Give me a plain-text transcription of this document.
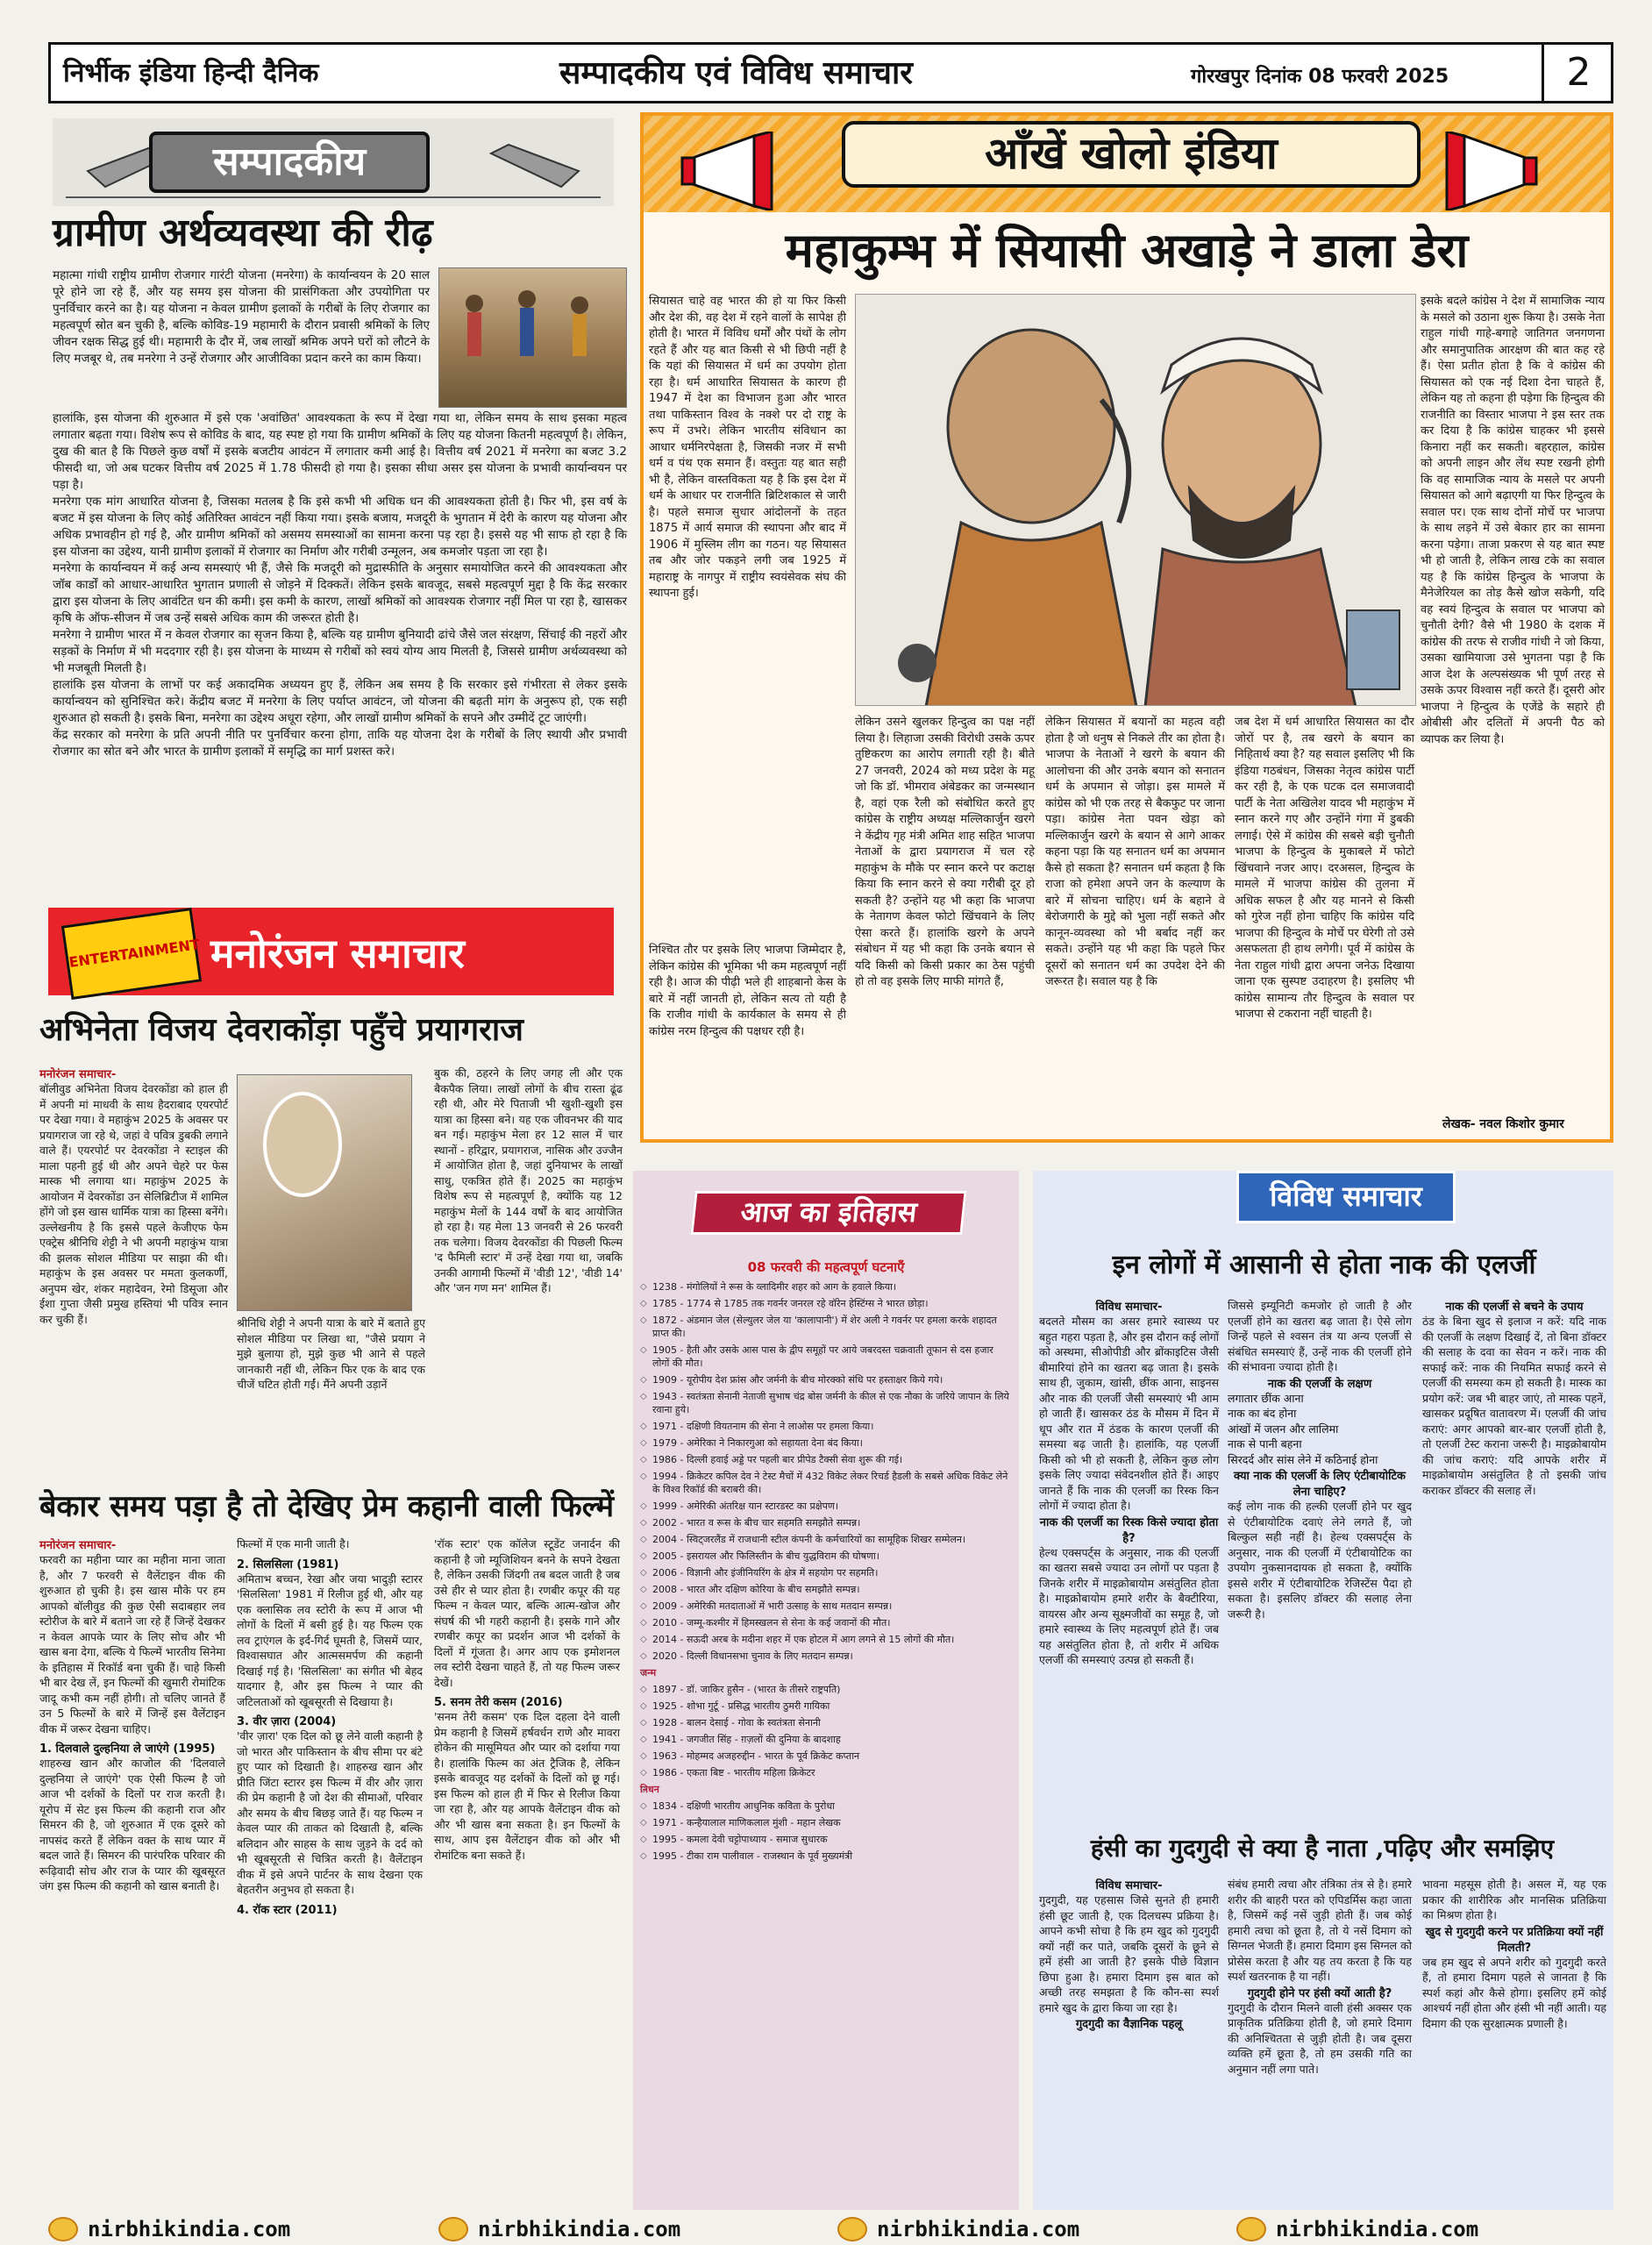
निर्भीक इंडिया हिन्दी दैनिक	सम्पादकीय एवं विविध समाचार	गोरखपुर दिनांक 08 फरवरी 2025	2
सम्पादकीय
ग्रामीण अर्थव्यवस्था की रीढ़

महात्मा गांधी राष्ट्रीय ग्रामीण रोजगार गारंटी योजना (मनरेगा) के कार्यान्वयन के 20 साल पूरे होने जा रहे हैं, और यह समय इस योजना की प्रासंगिकता और उपयोगिता पर पुनर्विचार करने का है। यह योजना न केवल ग्रामीण इलाकों के गरीबों के लिए रोजगार का महत्वपूर्ण स्रोत बन चुकी है, बल्कि कोविड-19 महामारी के दौरान प्रवासी श्रमिकों के लिए जीवन रक्षक सिद्ध हुई थी। महामारी के दौर में, जब लाखों श्रमिक अपने घरों को लौटने के लिए मजबूर थे, तब मनरेगा ने उन्हें रोजगार और आजीविका प्रदान करने का काम किया।

हालांकि, इस योजना की शुरुआत में इसे एक 'अवांछित' आवश्यकता के रूप में देखा गया था, लेकिन समय के साथ इसका महत्व लगातार बढ़ता गया। विशेष रूप से कोविड के बाद, यह स्पष्ट हो गया कि ग्रामीण श्रमिकों के लिए यह योजना कितनी महत्वपूर्ण है। लेकिन, दुख की बात है कि पिछले कुछ वर्षों में इसके बजटीय आवंटन में लगातार कमी आई है। वित्तीय वर्ष 2021 में मनरेगा का बजट 3.2 फीसदी था, जो अब घटकर वित्तीय वर्ष 2025 में 1.78 फीसदी हो गया है। इसका सीधा असर इस योजना के प्रभावी कार्यान्वयन पर पड़ा है।

मनरेगा एक मांग आधारित योजना है, जिसका मतलब है कि इसे कभी भी अधिक धन की आवश्यकता होती है। फिर भी, इस वर्ष के बजट में इस योजना के लिए कोई अतिरिक्त आवंटन नहीं किया गया। इसके बजाय, मजदूरी के भुगतान में देरी के कारण यह योजना और अधिक प्रभावहीन हो गई है, और ग्रामीण श्रमिकों को असमय समस्याओं का सामना करना पड़ रहा है। इससे यह भी साफ हो रहा है कि इस योजना का उद्देश्य, यानी ग्रामीण इलाकों में रोजगार का निर्माण और गरीबी उन्मूलन, अब कमजोर पड़ता जा रहा है।

मनरेगा के कार्यान्वयन में कई अन्य समस्याएं भी हैं, जैसे कि मजदूरी को मुद्रास्फीति के अनुसार समायोजित करने की आवश्यकता और जॉब कार्डों को आधार-आधारित भुगतान प्रणाली से जोड़ने में दिक्कतें। लेकिन इसके बावजूद, सबसे महत्वपूर्ण मुद्दा है कि केंद्र सरकार द्वारा इस योजना के लिए आवंटित धन की कमी। इस कमी के कारण, लाखों श्रमिकों को आवश्यक रोजगार नहीं मिल पा रहा है, खासकर कृषि के ऑफ-सीजन में जब उन्हें सबसे अधिक काम की जरूरत होती है।

मनरेगा ने ग्रामीण भारत में न केवल रोजगार का सृजन किया है, बल्कि यह ग्रामीण बुनियादी ढांचे जैसे जल संरक्षण, सिंचाई की नहरों और सड़कों के निर्माण में भी मददगार रही है। इस योजना के माध्यम से गरीबों को स्वयं योग्य आय मिलती है, जिससे ग्रामीण अर्थव्यवस्था को भी मजबूती मिलती है।

हालांकि इस योजना के लाभों पर कई अकादमिक अध्ययन हुए हैं, लेकिन अब समय है कि सरकार इसे गंभीरता से लेकर इसके कार्यान्वयन को सुनिश्चित करे। केंद्रीय बजट में मनरेगा के लिए पर्याप्त आवंटन, जो योजना की बढ़ती मांग के अनुरूप हो, एक सही शुरुआत हो सकती है। इसके बिना, मनरेगा का उद्देश्य अधूरा रहेगा, और लाखों ग्रामीण श्रमिकों के सपने और उम्मीदें टूट जाएंगी।

केंद्र सरकार को मनरेगा के प्रति अपनी नीति पर पुनर्विचार करना होगा, ताकि यह योजना देश के गरीबों के लिए स्थायी और प्रभावी रोजगार का स्रोत बने और भारत के ग्रामीण इलाकों में समृद्धि का मार्ग प्रशस्त करे।

ENTERTAINMENT मनोरंजन समाचार
अभिनेता विजय देवराकोंड़ा पहुँचे प्रयागराज
मनोरंजन समाचार-

बॉलीवुड अभिनेता विजय देवरकोंडा को हाल ही में अपनी मां माधवी के साथ हैदराबाद एयरपोर्ट पर देखा गया। वे महाकुंभ 2025 के अवसर पर प्रयागराज जा रहे थे, जहां वे पवित्र डुबकी लगाने वाले हैं। एयरपोर्ट पर देवरकोंडा ने स्टाइल की माला पहनी हुई थी और अपने चेहरे पर फेस मास्क भी लगाया था। महाकुंभ 2025 के आयोजन में देवरकोंडा उन सेलिब्रिटीज में शामिल होंगे जो इस खास धार्मिक यात्रा का हिस्सा बनेंगे। उल्लेखनीय है कि इससे पहले केजीएफ फेम एक्ट्रेस श्रीनिधि शेट्टी ने भी अपनी महाकुंभ यात्रा की झलक सोशल मीडिया पर साझा की थी। महाकुंभ के इस अवसर पर ममता कुलकर्णी, अनुपम खेर, शंकर महादेवन, रेमो डिसूजा और ईशा गुप्ता जैसी प्रमुख हस्तियां भी पवित्र स्नान कर चुकी हैं।	श्रीनिधि शेट्टी ने अपनी यात्रा के बारे में बताते हुए सोशल मीडिया पर लिखा था, "जैसे प्रयाग ने मुझे बुलाया हो, मुझे कुछ भी आने से पहले जानकारी नहीं थी, लेकिन फिर एक के बाद एक चीजें घटित होती गईं। मैंने अपनी उड़ानें

बुक की, ठहरने के लिए जगह ली और एक बैकपैक लिया। लाखों लोगों के बीच रास्ता ढूंढ रही थी, और मेरे पिताजी भी खुशी-खुशी इस यात्रा का हिस्सा बने। यह एक जीवनभर की याद बन गई। महाकुंभ मेला हर 12 साल में चार स्थानों - हरिद्वार, प्रयागराज, नासिक और उज्जैन में आयोजित होता है, जहां दुनियाभर के लाखों साधु, एकत्रित होते हैं। 2025 का महाकुंभ विशेष रूप से महत्वपूर्ण है, क्योंकि यह 12 महाकुंभ मेलों के 144 वर्षों के बाद आयोजित हो रहा है। यह मेला 13 जनवरी से 26 फरवरी तक चलेगा। विजय देवरकोंडा की पिछली फिल्म 'द फैमिली स्टार' में उन्हें देखा गया था, जबकि उनकी आगामी फिल्मों में 'वीडी 12', 'वीडी 14' और 'जन गण मन' शामिल हैं।

बेकार समय पड़ा है तो देखिए प्रेम कहानी वाली फिल्में
मनोरंजन समाचार-

फरवरी का महीना प्यार का महीना माना जाता है, और 7 फरवरी से वैलेंटाइन वीक की शुरुआत हो चुकी है। इस खास मौके पर हम आपको बॉलीवुड की कुछ ऐसी सदाबहार लव स्टोरीज के बारे में बताने जा रहे हैं जिन्हें देखकर न केवल आपके प्यार के लिए सोच और भी खास बना देगा, बल्कि ये फिल्में भारतीय सिनेमा के इतिहास में रिकॉर्ड बना चुकी हैं। चाहे किसी भी बार देख लें, इन फिल्मों की खुमारी रोमांटिक जादू कभी कम नहीं होगी। तो चलिए जानते हैं उन 5 फिल्मों के बारे में जिन्हें इस वैलेंटाइन वीक में जरूर देखना चाहिए।

1. दिलवाले दुल्हनिया ले जाएंगे (1995)

शाहरुख खान और काजोल की 'दिलवाले दुल्हनिया ले जाएंगे' एक ऐसी फिल्म है जो आज भी दर्शकों के दिलों पर राज करती है। यूरोप में सेट इस फिल्म की कहानी राज और सिमरन की है, जो शुरुआत में एक दूसरे को नापसंद करते हैं लेकिन वक्त के साथ प्यार में बदल जाते हैं। सिमरन की पारंपरिक परिवार की रूढ़िवादी सोच और राज के प्यार की खूबसूरत जंग इस फिल्म की कहानी को खास बनाती है।

फिल्मों में एक मानी जाती है।

2. सिलसिला (1981)

अमिताभ बच्चन, रेखा और जया भादुड़ी स्टारर 'सिलसिला' 1981 में रिलीज हुई थी, और यह एक क्लासिक लव स्टोरी के रूप में आज भी लोगों के दिलों में बसी हुई है। यह फिल्म एक लव ट्राएंगल के इर्द-गिर्द घूमती है, जिसमें प्यार, विश्वासघात और आत्मसमर्पण की कहानी दिखाई गई है। 'सिलसिला' का संगीत भी बेहद यादगार है, और इस फिल्म ने प्यार की जटिलताओं को खूबसूरती से दिखाया है।

3. वीर ज़ारा (2004)

'वीर ज़ारा' एक दिल को छू लेने वाली कहानी है जो भारत और पाकिस्तान के बीच सीमा पर बंटे हुए प्यार को दिखाती है। शाहरुख खान और प्रीति जिंटा स्टारर इस फिल्म में वीर और ज़ारा की प्रेम कहानी है जो देश की सीमाओं, परिवार और समय के बीच बिछड़ जाते हैं। यह फिल्म न केवल प्यार की ताकत को दिखाती है, बल्कि बलिदान और साहस के साथ जुड़ने के दर्द को भी खूबसूरती से चित्रित करती है। वैलेंटाइन वीक में इसे अपने पार्टनर के साथ देखना एक बेहतरीन अनुभव हो सकता है।

4. रॉक स्टार (2011)

'रॉक स्टार' एक कॉलेज स्टूडेंट जनार्दन की कहानी है जो म्यूजिशियन बनने के सपने देखता है, लेकिन उसकी जिंदगी तब बदल जाती है जब उसे हीर से प्यार होता है। रणबीर कपूर की यह फिल्म न केवल प्यार, बल्कि आत्म-खोज और संघर्ष की भी गहरी कहानी है। इसके गाने और रणबीर कपूर का प्रदर्शन आज भी दर्शकों के दिलों में गूंजता है। अगर आप एक इमोशनल लव स्टोरी देखना चाहते हैं, तो यह फिल्म जरूर देखें।

5. सनम तेरी कसम (2016)

'सनम तेरी कसम' एक दिल दहला देने वाली प्रेम कहानी है जिसमें हर्षवर्धन राणे और मावरा होकेन की मासूमियत और प्यार को दर्शाया गया है। हालांकि फिल्म का अंत ट्रैजिक है, लेकिन इसके बावजूद यह दर्शकों के दिलों को छू गई। इस फिल्म को हाल ही में फिर से रिलीज किया जा रहा है, और यह आपके वैलेंटाइन वीक को और भी खास बना सकता है। इन फिल्मों के साथ, आप इस वैलेंटाइन वीक को और भी रोमांटिक बना सकते हैं।

आँखें खोलो इंडिया
महाकुम्भ में सियासी अखाड़े ने डाला डेरा

सियासत चाहे वह भारत की हो या फिर किसी और देश की, वह देश में रहने वालों के सापेक्ष ही होती है। भारत में विविध धर्मों और पंथों के लोग रहते हैं और यह बात किसी से भी छिपी नहीं है कि यहां की सियासत में धर्म का उपयोग होता रहा है। धर्म आधारित सियासत के कारण ही 1947 में देश का विभाजन हुआ और भारत तथा पाकिस्तान विश्व के नक्शे पर दो राष्ट्र के रूप में उभरे। लेकिन भारतीय संविधान का आधार धर्मनिरपेक्षता है, जिसकी नजर में सभी धर्म व पंथ एक समान हैं। वस्तुतः यह बात सही भी है, लेकिन वास्तविकता यह है कि इस देश में धर्म के आधार पर राजनीति ब्रिटिशकाल से जारी है। पहले समाज सुधार आंदोलनों के तहत 1875 में आर्य समाज की स्थापना और बाद में 1906 में मुस्लिम लीग का गठन। यह सियासत तब और जोर पकड़ने लगी जब 1925 में महाराष्ट्र के नागपुर में राष्ट्रीय स्वयंसेवक संघ की स्थापना हुई।

इसके बदले कांग्रेस ने देश में सामाजिक न्याय के मसले को उठाना शुरू किया है। उसके नेता राहुल गांधी गाहे-बगाहे जातिगत जनगणना और समानुपातिक आरक्षण की बात कह रहे हैं। ऐसा प्रतीत होता है कि वे कांग्रेस की सियासत को एक नई दिशा देना चाहते हैं, लेकिन यह तो कहना ही पड़ेगा कि हिन्दुत्व की राजनीति का विस्तार भाजपा ने इस स्तर तक कर दिया है कि कांग्रेस चाहकर भी इससे किनारा नहीं कर सकती। बहरहाल, कांग्रेस को अपनी लाइन और लेंथ स्पष्ट रखनी होगी कि वह सामाजिक न्याय के मसले पर अपनी सियासत को आगे बढ़ाएगी या फिर हिन्दुत्व के सवाल पर। एक साथ दोनों मोर्चे पर भाजपा के साथ लड़ने में उसे बेकार हार का सामना करना पड़ेगा। ताजा प्रकरण से यह बात स्पष्ट भी हो जाती है, लेकिन लाख टके का सवाल यह है कि कांग्रेस हिन्दुत्व के भाजपा के मैनेजेरियल का तोड़ कैसे खोज सकेगी, यदि वह स्वयं हिन्दुत्व के सवाल पर भाजपा को चुनौती देगी? वैसे भी 1980 के दशक में कांग्रेस की तरफ से राजीव गांधी ने जो किया, उसका खामियाजा उसे भुगतना पड़ा है कि आज देश के अल्पसंख्यक भी पूर्ण तरह से उसके ऊपर विश्वास नहीं करते हैं। दूसरी ओर भाजपा ने हिन्दुत्व के एजेंडे के सहारे ही ओबीसी और दलितों में अपनी पैठ को व्यापक कर लिया है।

निश्चित तौर पर इसके लिए भाजपा जिम्मेदार है, लेकिन कांग्रेस की भूमिका भी कम महत्वपूर्ण नहीं रही है। आज की पीढ़ी भले ही शाहबानो केस के बारे में नहीं जानती हो, लेकिन सत्य तो यही है कि राजीव गांधी के कार्यकाल के समय से ही कांग्रेस नरम हिन्दुत्व की पक्षधर रही है।

लेकिन उसने खुलकर हिन्दुत्व का पक्ष नहीं लिया है। लिहाजा उसकी विरोधी उसके ऊपर तुष्टिकरण का आरोप लगाती रही है। बीते 27 जनवरी, 2024 को मध्य प्रदेश के महू जो कि डॉ. भीमराव अंबेडकर का जन्मस्थान है, वहां एक रैली को संबोधित करते हुए कांग्रेस के राष्ट्रीय अध्यक्ष मल्लिकार्जुन खरगे ने केंद्रीय गृह मंत्री अमित शाह सहित भाजपा नेताओं के द्वारा प्रयागराज में चल रहे महाकुंभ के मौके पर स्नान करने पर कटाक्ष किया कि स्नान करने से क्या गरीबी दूर हो सकती है? उन्होंने यह भी कहा कि भाजपा के नेतागण केवल फोटो खिंचवाने के लिए ऐसा करते हैं। हालांकि खरगे के अपने संबोधन में यह भी कहा कि उनके बयान से यदि किसी को किसी प्रकार का ठेस पहुंची हो तो वह इसके लिए माफी मांगते हैं,

लेकिन सियासत में बयानों का महत्व वही होता है जो धनुष से निकले तीर का होता है। भाजपा के नेताओं ने खरगे के बयान की आलोचना की और उनके बयान को सनातन धर्म के अपमान से जोड़ा। इस मामले में कांग्रेस को भी एक तरह से बैकफुट पर जाना पड़ा। कांग्रेस नेता पवन खेड़ा को मल्लिकार्जुन खरगे के बयान से आगे आकर कहना पड़ा कि यह सनातन धर्म का अपमान कैसे हो सकता है? सनातन धर्म कहता है कि राजा को हमेशा अपने जन के कल्याण के बारे में सोचना चाहिए। धर्म के बहाने वे बेरोजगारी के मुद्दे को भुला नहीं सकते और कानून-व्यवस्था को भी बर्बाद नहीं कर सकते। उन्होंने यह भी कहा कि पहले फिर दूसरों को सनातन धर्म का उपदेश देने की जरूरत है। सवाल यह है कि

जब देश में धर्म आधारित सियासत का दौर जोरों पर है, तब खरगे के बयान का निहितार्थ क्या है? यह सवाल इसलिए भी कि इंडिया गठबंधन, जिसका नेतृत्व कांग्रेस पार्टी कर रही है, के एक घटक दल समाजवादी पार्टी के नेता अखिलेश यादव भी महाकुंभ में स्नान करने गए और उन्होंने गंगा में डुबकी लगाई। ऐसे में कांग्रेस की सबसे बड़ी चुनौती भाजपा के हिन्दुत्व के मुकाबले में फोटो खिंचवाने नजर आए। दरअसल, हिन्दुत्व के मामले में भाजपा कांग्रेस की तुलना में अधिक सफल है और यह मानने से किसी को गुरेज नहीं होना चाहिए कि कांग्रेस यदि भाजपा की हिन्दुत्व के मोर्चे पर घेरेगी तो उसे असफलता ही हाथ लगेगी। पूर्व में कांग्रेस के नेता राहुल गांधी द्वारा अपना जनेऊ दिखाया जाना एक सुस्पष्ट उदाहरण है। इसलिए भी कांग्रेस सामान्य तौर हिन्दुत्व के सवाल पर भाजपा से टकराना नहीं चाहती है।

लेखक- नवल किशोर कुमार
आज का इतिहास
08 फरवरी की महत्वपूर्ण घटनाएँ
◇ 1238 - मंगोलियों ने रूस के व्लादिमीर शहर को आग के हवाले किया।
◇ 1785 - 1774 से 1785 तक गवर्नर जनरल रहे वॉरेन हेस्टिंग्स ने भारत छोड़ा।
◇ 1872 - अंडमान जेल (सेल्युलर जेल या 'कालापानी') में शेर अली ने गवर्नर पर हमला करके शहादत प्राप्त की।
◇ 1905 - हैती और उसके आस पास के द्वीप समूहों पर आये जबरदस्त चक्रवाती तूफान से दस हजार लोगों की मौत।
◇ 1909 - यूरोपीय देश फ्रांस और जर्मनी के बीच मोरक्को संधि पर हस्ताक्षर किये गये।
◇ 1943 - स्वतंत्रता सेनानी नेताजी सुभाष चंद्र बोस जर्मनी के कील से एक नौका के जरिये जापान के लिये रवाना हुये।
◇ 1971 - दक्षिणी वियतनाम की सेना ने लाओस पर हमला किया।
◇ 1979 - अमेरिका ने निकारगुआ को सहायता देना बंद किया।
◇ 1986 - दिल्ली हवाई अड्डे पर पहली बार प्रीपेड टैक्सी सेवा शुरू की गई।
◇ 1994 - क्रिकेटर कपिल देव ने टेस्ट मैचों में 432 विकेट लेकर रिचर्ड हैडली के सबसे अधिक विकेट लेने के विश्व रिकॉर्ड की बराबरी की।
◇ 1999 - अमेरिकी अंतरिक्ष यान स्टारडस्ट का प्रक्षेपण।
◇ 2002 - भारत व रूस के बीच चार सहमति समझौते सम्पन्न।
◇ 2004 - स्विट्जरलैंड में राजधानी स्टील कंपनी के कर्मचारियों का सामूहिक शिखर सम्मेलन।
◇ 2005 - इसरायल और फिलिस्तीन के बीच युद्धविराम की घोषणा।
◇ 2006 - विज्ञानी और इंजीनियरिंग के क्षेत्र में सहयोग पर सहमति।
◇ 2008 - भारत और दक्षिण कोरिया के बीच समझौते सम्पन्न।
◇ 2009 - अमेरिकी मतदाताओं में भारी उत्साह के साथ मतदान सम्पन्न।
◇ 2010 - जम्मू-कश्मीर में हिमस्खलन से सेना के कई जवानों की मौत।
◇ 2014 - सऊदी अरब के मदीना शहर में एक होटल में आग लगने से 15 लोगों की मौत।
◇ 2020 - दिल्ली विधानसभा चुनाव के लिए मतदान सम्पन्न।
◇ जन्म
◇ 1897 - डॉ. जाकिर हुसैन - (भारत के तीसरे राष्ट्रपति)
◇ 1925 - शोभा गुर्टू - प्रसिद्ध भारतीय ठुमरी गायिका
◇ 1928 - बालन देसाई - गोवा के स्वतंत्रता सेनानी
◇ 1941 - जगजीत सिंह - ग़ज़लों की दुनिया के बादशाह
◇ 1963 - मोहम्मद अजहरुद्दीन - भारत के पूर्व क्रिकेट कप्तान
◇ 1986 - एकता बिष्ट - भारतीय महिला क्रिकेटर
◇ निधन
◇ 1834 - दक्षिणी भारतीय आधुनिक कविता के पुरोधा
◇ 1971 - कन्हैयालाल माणिकलाल मुंशी - महान लेखक
◇ 1995 - कमला देवी चट्टोपाध्याय - समाज सुधारक
◇ 1995 - टीका राम पालीवाल - राजस्थान के पूर्व मुख्यमंत्री
विविध समाचार
इन लोगों में आसानी से होता नाक की एलर्जी
विविध समाचार-

बदलते मौसम का असर हमारे स्वास्थ्य पर बहुत गहरा पड़ता है, और इस दौरान कई लोगों को अस्थमा, सीओपीडी और ब्रोंकाइटिस जैसी बीमारियां होने का खतरा बढ़ जाता है। इसके साथ ही, जुकाम, खांसी, छींक आना, साइनस और नाक की एलर्जी जैसी समस्याएं भी आम हो जाती हैं। खासकर ठंड के मौसम में दिन में धूप और रात में ठंडक के कारण एलर्जी की समस्या बढ़ जाती है। हालांकि, यह एलर्जी किसी को भी हो सकती है, लेकिन कुछ लोग इसके लिए ज्यादा संवेदनशील होते हैं। आइए जानते हैं कि नाक की एलर्जी का रिस्क किन लोगों में ज्यादा होता है।

नाक की एलर्जी का रिस्क किसे ज्यादा होता है?

हेल्थ एक्सपर्ट्स के अनुसार, नाक की एलर्जी का खतरा सबसे ज्यादा उन लोगों पर पड़ता है जिनके शरीर में माइक्रोबायोम असंतुलित होता है। माइक्रोबायोम हमारे शरीर के बैक्टीरिया, वायरस और अन्य सूक्ष्मजीवों का समूह है, जो हमारे स्वास्थ्य के लिए महत्वपूर्ण होते हैं। जब यह असंतुलित होता है, तो शरीर में अधिक एलर्जी की समस्याएं उत्पन्न हो सकती हैं।

जिससे इम्यूनिटी कमजोर हो जाती है और एलर्जी होने का खतरा बढ़ जाता है। ऐसे लोग जिन्हें पहले से श्वसन तंत्र या अन्य एलर्जी से संबंधित समस्याएं हैं, उन्हें नाक की एलर्जी होने की संभावना ज्यादा होती है।

नाक की एलर्जी के लक्षण
लगातार छींक आना
नाक का बंद होना
आंखों में जलन और लालिमा
नाक से पानी बहना
सिरदर्द और सांस लेने में कठिनाई होना
क्या नाक की एलर्जी के लिए एंटीबायोटिक लेना चाहिए?

कई लोग नाक की हल्की एलर्जी होने पर खुद से एंटीबायोटिक दवाएं लेने लगते हैं, जो बिल्कुल सही नहीं है। हेल्थ एक्सपर्ट्स के अनुसार, नाक की एलर्जी में एंटीबायोटिक का उपयोग नुकसानदायक हो सकता है, क्योंकि इससे शरीर में एंटीबायोटिक रेजिस्टेंस पैदा हो सकता है। इसलिए डॉक्टर की सलाह लेना जरूरी है।

नाक की एलर्जी से बचने के उपाय

ठंड के बिना खुद से इलाज न करें: यदि नाक की एलर्जी के लक्षण दिखाई दें, तो बिना डॉक्टर की सलाह के दवा का सेवन न करें। नाक की सफाई करें: नाक की नियमित सफाई करने से एलर्जी की समस्या कम हो सकती है। मास्क का प्रयोग करें: जब भी बाहर जाएं, तो मास्क पहनें, खासकर प्रदूषित वातावरण में। एलर्जी की जांच कराएं: अगर आपको बार-बार एलर्जी होती है, तो एलर्जी टेस्ट कराना जरूरी है। माइक्रोबायोम की जांच कराएं: यदि आपके शरीर में माइक्रोबायोम असंतुलित है तो इसकी जांच कराकर डॉक्टर की सलाह लें।

हंसी का गुदगुदी से क्या है नाता ,पढ़िए और समझिए
विविध समाचार-

गुदगुदी, यह एहसास जिसे सुनते ही हमारी हंसी छूट जाती है, एक दिलचस्प प्रक्रिया है। आपने कभी सोचा है कि हम खुद को गुदगुदी क्यों नहीं कर पाते, जबकि दूसरों के छूने से हमें हंसी आ जाती है? इसके पीछे विज्ञान छिपा हुआ है। हमारा दिमाग इस बात को अच्छी तरह समझता है कि कौन-सा स्पर्श हमारे खुद के द्वारा किया जा रहा है।

गुदगुदी का वैज्ञानिक पहलू

संबंध हमारी त्वचा और तंत्रिका तंत्र से है। हमारे शरीर की बाहरी परत को एपिडर्मिस कहा जाता है, जिसमें कई नसें जुड़ी होती हैं। जब कोई हमारी त्वचा को छूता है, तो ये नसें दिमाग को सिग्नल भेजती हैं। हमारा दिमाग इस सिग्नल को प्रोसेस करता है और यह तय करता है कि यह स्पर्श खतरनाक है या नहीं।

गुदगुदी होने पर हंसी क्यों आती है?

गुदगुदी के दौरान मिलने वाली हंसी अक्सर एक प्राकृतिक प्रतिक्रिया होती है, जो हमारे दिमाग की अनिश्चितता से जुड़ी होती है। जब दूसरा व्यक्ति हमें छूता है, तो हम उसकी गति का अनुमान नहीं लगा पाते।

भावना महसूस होती है। असल में, यह एक प्रकार की शारीरिक और मानसिक प्रतिक्रिया का मिश्रण होता है।

खुद से गुदगुदी करने पर प्रतिक्रिया क्यों नहीं मिलती?

जब हम खुद से अपने शरीर को गुदगुदी करते हैं, तो हमारा दिमाग पहले से जानता है कि स्पर्श कहां और कैसे होगा। इसलिए हमें कोई आश्चर्य नहीं होता और हंसी भी नहीं आती। यह दिमाग की एक सुरक्षात्मक प्रणाली है।

nirbhikindia.com	nirbhikindia.com	nirbhikindia.com	nirbhikindia.com
